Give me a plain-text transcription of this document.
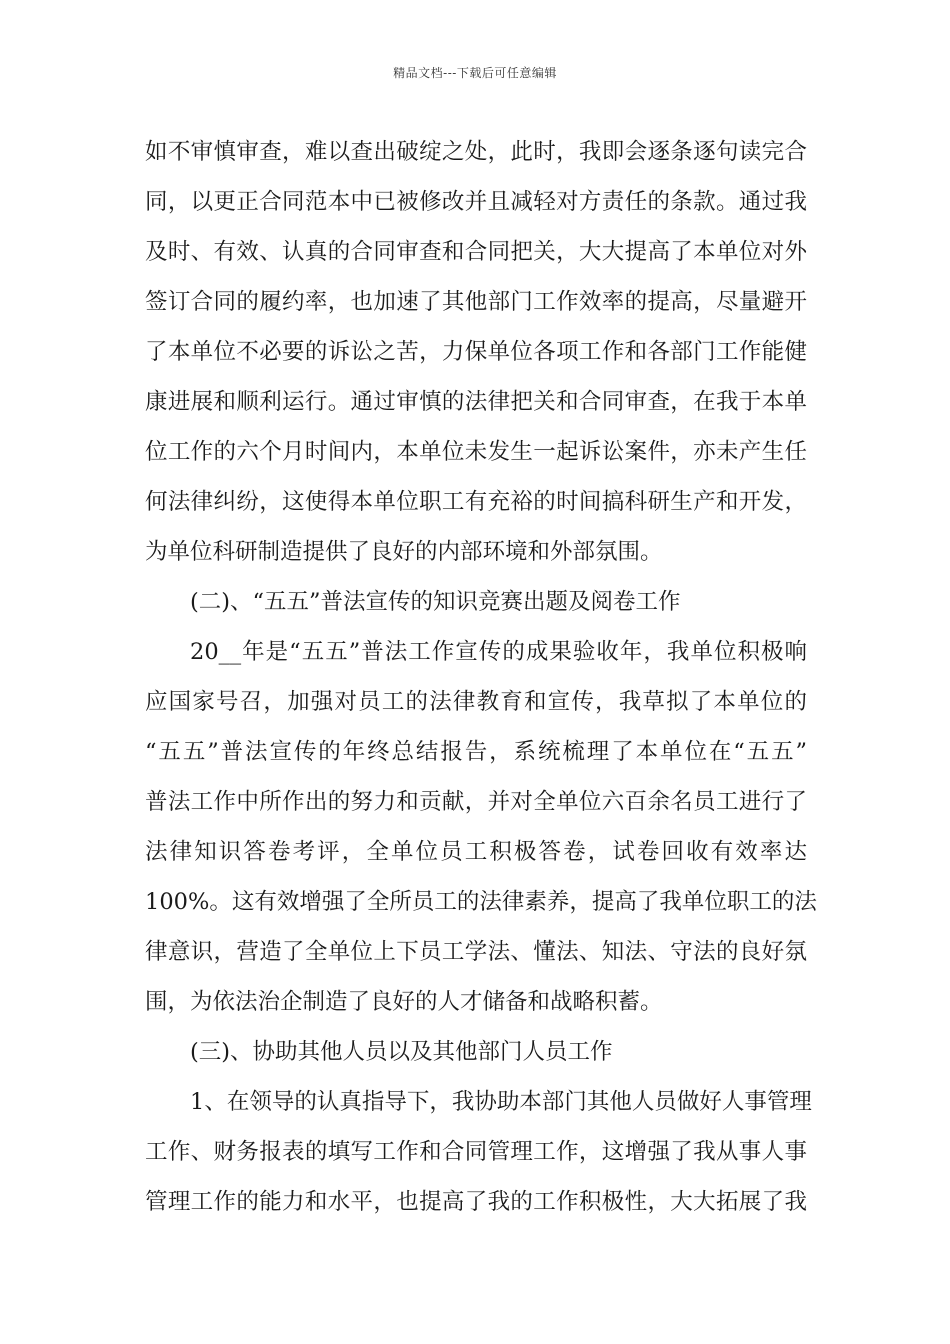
精品文档---下载后可任意编辑
如不审慎审查，难以查出破绽之处，此时，我即会逐条逐句读完合
同，以更正合同范本中已被修改并且减轻对方责任的条款。通过我
及时、有效、认真的合同审查和合同把关，大大提高了本单位对外
签订合同的履约率，也加速了其他部门工作效率的提高，尽量避开
了本单位不必要的诉讼之苦，力保单位各项工作和各部门工作能健
康进展和顺利运行。通过审慎的法律把关和合同审查，在我于本单
位工作的六个月时间内，本单位未发生一起诉讼案件，亦未产生任
何法律纠纷，这使得本单位职工有充裕的时间搞科研生产和开发，
为单位科研制造提供了良好的内部环境和外部氛围。
(二)、“五五”普法宣传的知识竞赛出题及阅卷工作
20__年是“五五”普法工作宣传的成果验收年，我单位积极响
应国家号召，加强对员工的法律教育和宣传，我草拟了本单位的
“五五”普法宣传的年终总结报告，系统梳理了本单位在“五五”
普法工作中所作出的努力和贡献，并对全单位六百余名员工进行了
法律知识答卷考评，全单位员工积极答卷，试卷回收有效率达
100%。这有效增强了全所员工的法律素养，提高了我单位职工的法
律意识，营造了全单位上下员工学法、懂法、知法、守法的良好氛
围，为依法治企制造了良好的人才储备和战略积蓄。
(三)、协助其他人员以及其他部门人员工作
1、在领导的认真指导下，我协助本部门其他人员做好人事管理
工作、财务报表的填写工作和合同管理工作，这增强了我从事人事
管理工作的能力和水平，也提高了我的工作积极性，大大拓展了我
